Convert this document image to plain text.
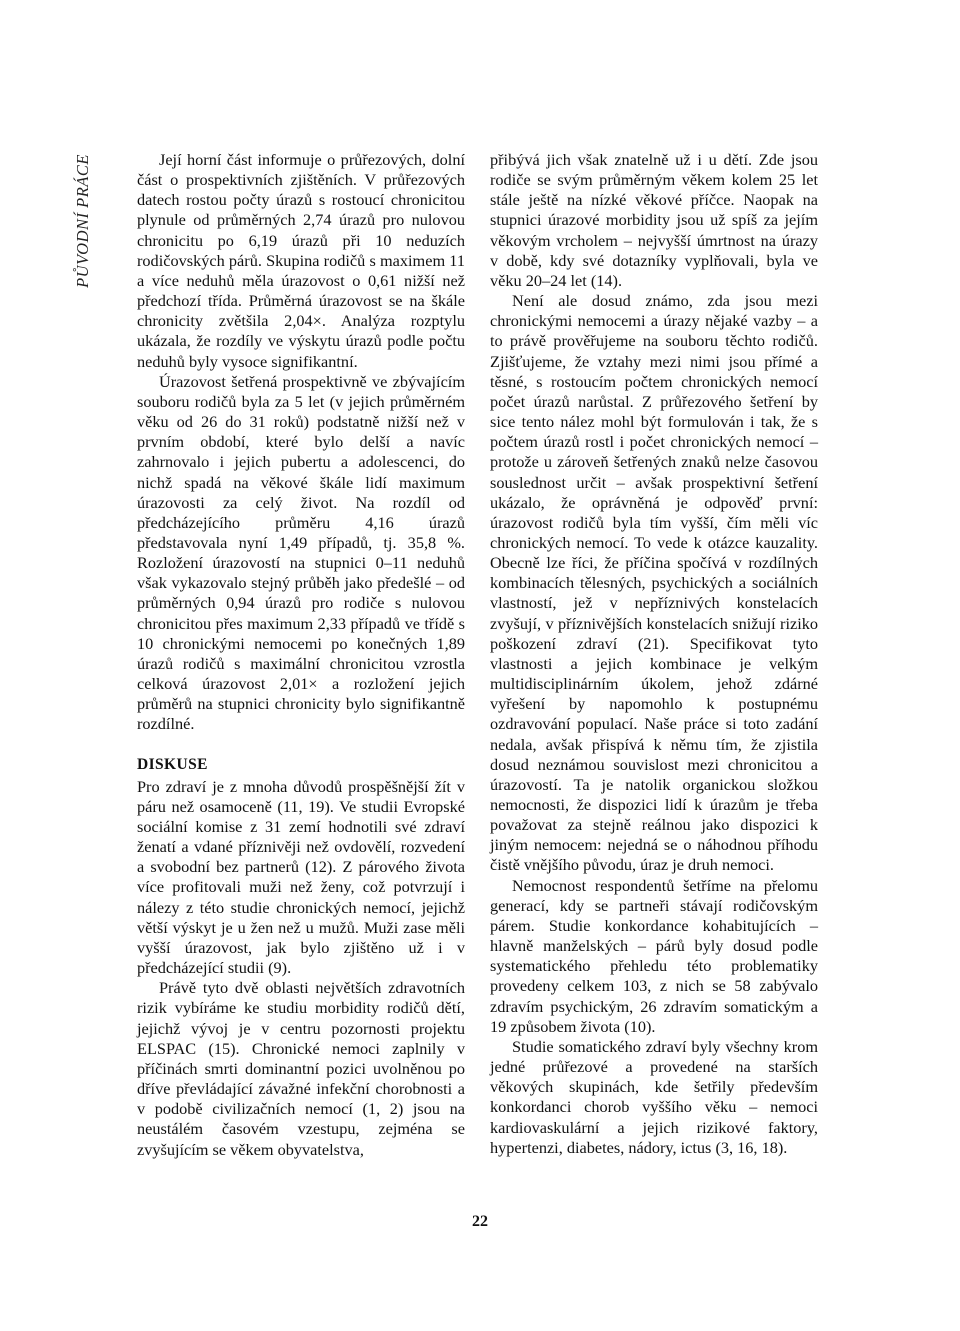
PŮVODNÍ PRÁCE	Její horní část informuje o průřezových, dolní část o prospektivních zjištěních. V průřezových datech rostou počty úrazů s rostoucí chronicitou plynule od průměrných 2,74 úrazů pro nulovou chronicitu po 6,19 úrazů při 10 neduzích rodičovských párů. Skupina rodičů s maximem 11 a více neduhů měla úrazovost o 0,61 nižší než předchozí třída. Průměrná úrazovost se na škále chronicity zvětšila 2,04×. Analýza rozptylu ukázala, že rozdíly ve výskytu úrazů podle počtu neduhů byly vysoce signifikantní.

Úrazovost šetřená prospektivně ve zbývajícím souboru rodičů byla za 5 let (v jejich průměrném věku od 26 do 31 roků) podstatně nižší než v prvním období, které bylo delší a navíc zahrnovalo i jejich pubertu a adolescenci, do nichž spadá na věkové škále lidí maximum úrazovosti za celý život. Na rozdíl od předcházejícího průměru 4,16 úrazů představovala nyní 1,49 případů, tj. 35,8 %. Rozložení úrazovostí na stupnici 0–11 neduhů však vykazovalo stejný průběh jako předešlé – od průměrných 0,94 úrazů pro rodiče s nulovou chronicitou přes maximum 2,33 případů ve třídě s 10 chronickými nemocemi po konečných 1,89 úrazů rodičů s maximální chronicitou vzrostla celková úrazovost 2,01× a rozložení jejich průměrů na stupnici chronicity bylo signifikantně rozdílné.

DISKUSE

Pro zdraví je z mnoha důvodů prospěšnější žít v páru než osamoceně (11, 19). Ve studii Evropské sociální komise z 31 zemí hodnotili své zdraví ženatí a vdané příznivěji než ovdovělí, rozvedení a svobodní bez partnerů (12). Z párového života více profitovali muži než ženy, což potvrzují i nálezy z této studie chronických nemocí, jejichž větší výskyt je u žen než u mužů. Muži zase měli vyšší úrazovost, jak bylo zjištěno už i v předcházející studii (9).

Právě tyto dvě oblasti největších zdravotních rizik vybíráme ke studiu morbidity rodičů dětí, jejichž vývoj je v centru pozornosti projektu ELSPAC (15). Chronické nemoci zaplnily v příčinách smrti dominantní pozici uvolněnou po dříve převládající závažné infekční chorobnosti a v podobě civilizačních nemocí (1, 2) jsou na neustálém časovém vzestupu, zejména se zvyšujícím se věkem obyvatelstva,

přibývá jich však znatelně už i u dětí. Zde jsou rodiče se svým průměrným věkem kolem 25 let stále ještě na nízké věkové příčce. Naopak na stupnici úrazové morbidity jsou už spíš za jejím věkovým vrcholem – nejvyšší úmrtnost na úrazy v době, kdy své dotazníky vyplňovali, byla ve věku 20–24 let (14).

Není ale dosud známo, zda jsou mezi chronickými nemocemi a úrazy nějaké vazby – a to právě prověřujeme na souboru těchto rodičů. Zjišťujeme, že vztahy mezi nimi jsou přímé a těsné, s rostoucím počtem chronických nemocí počet úrazů narůstal. Z průřezového šetření by sice tento nález mohl být formulován i tak, že s počtem úrazů rostl i počet chronických nemocí – protože u zároveň šetřených znaků nelze časovou souslednost určit – avšak prospektivní šetření ukázalo, že oprávněná je odpověď první: úrazovost rodičů byla tím vyšší, čím měli víc chronických nemocí. To vede k otázce kauzality. Obecně lze říci, že příčina spočívá v rozdílných kombinacích tělesných, psychických a sociálních vlastností, jež v nepříznivých konstelacích zvyšují, v příznivějších konstelacích snižují riziko poškození zdraví (21). Specifikovat tyto vlastnosti a jejich kombinace je velkým multidisciplinárním úkolem, jehož zdárné vyřešení by napomohlo k postupnému ozdravování populací. Naše práce si toto zadání nedala, avšak přispívá k němu tím, že zjistila dosud neznámou souvislost mezi chronicitou a úrazovostí. Ta je natolik organickou složkou nemocnosti, že dispozici lidí k úrazům je třeba považovat za stejně reálnou jako dispozici k jiným nemocem: nejedná se o náhodnou příhodu čistě vnějšího původu, úraz je druh nemoci.

Nemocnost respondentů šetříme na přelomu generací, kdy se partneři stávají rodičovským párem. Studie konkordance kohabitujících – hlavně manželských – párů byly dosud podle systematického přehledu této problematiky provedeny celkem 103, z nich se 58 zabývalo zdravím psychickým, 26 zdravím somatickým a 19 způsobem života (10).

Studie somatického zdraví byly všechny krom jedné průřezové a provedené na starších věkových skupinách, kde šetřily především konkordanci chorob vyššího věku – nemoci kardiovaskulární a jejich rizikové faktory, hypertenzi, diabetes, nádory, ictus (3, 16, 18).

22
